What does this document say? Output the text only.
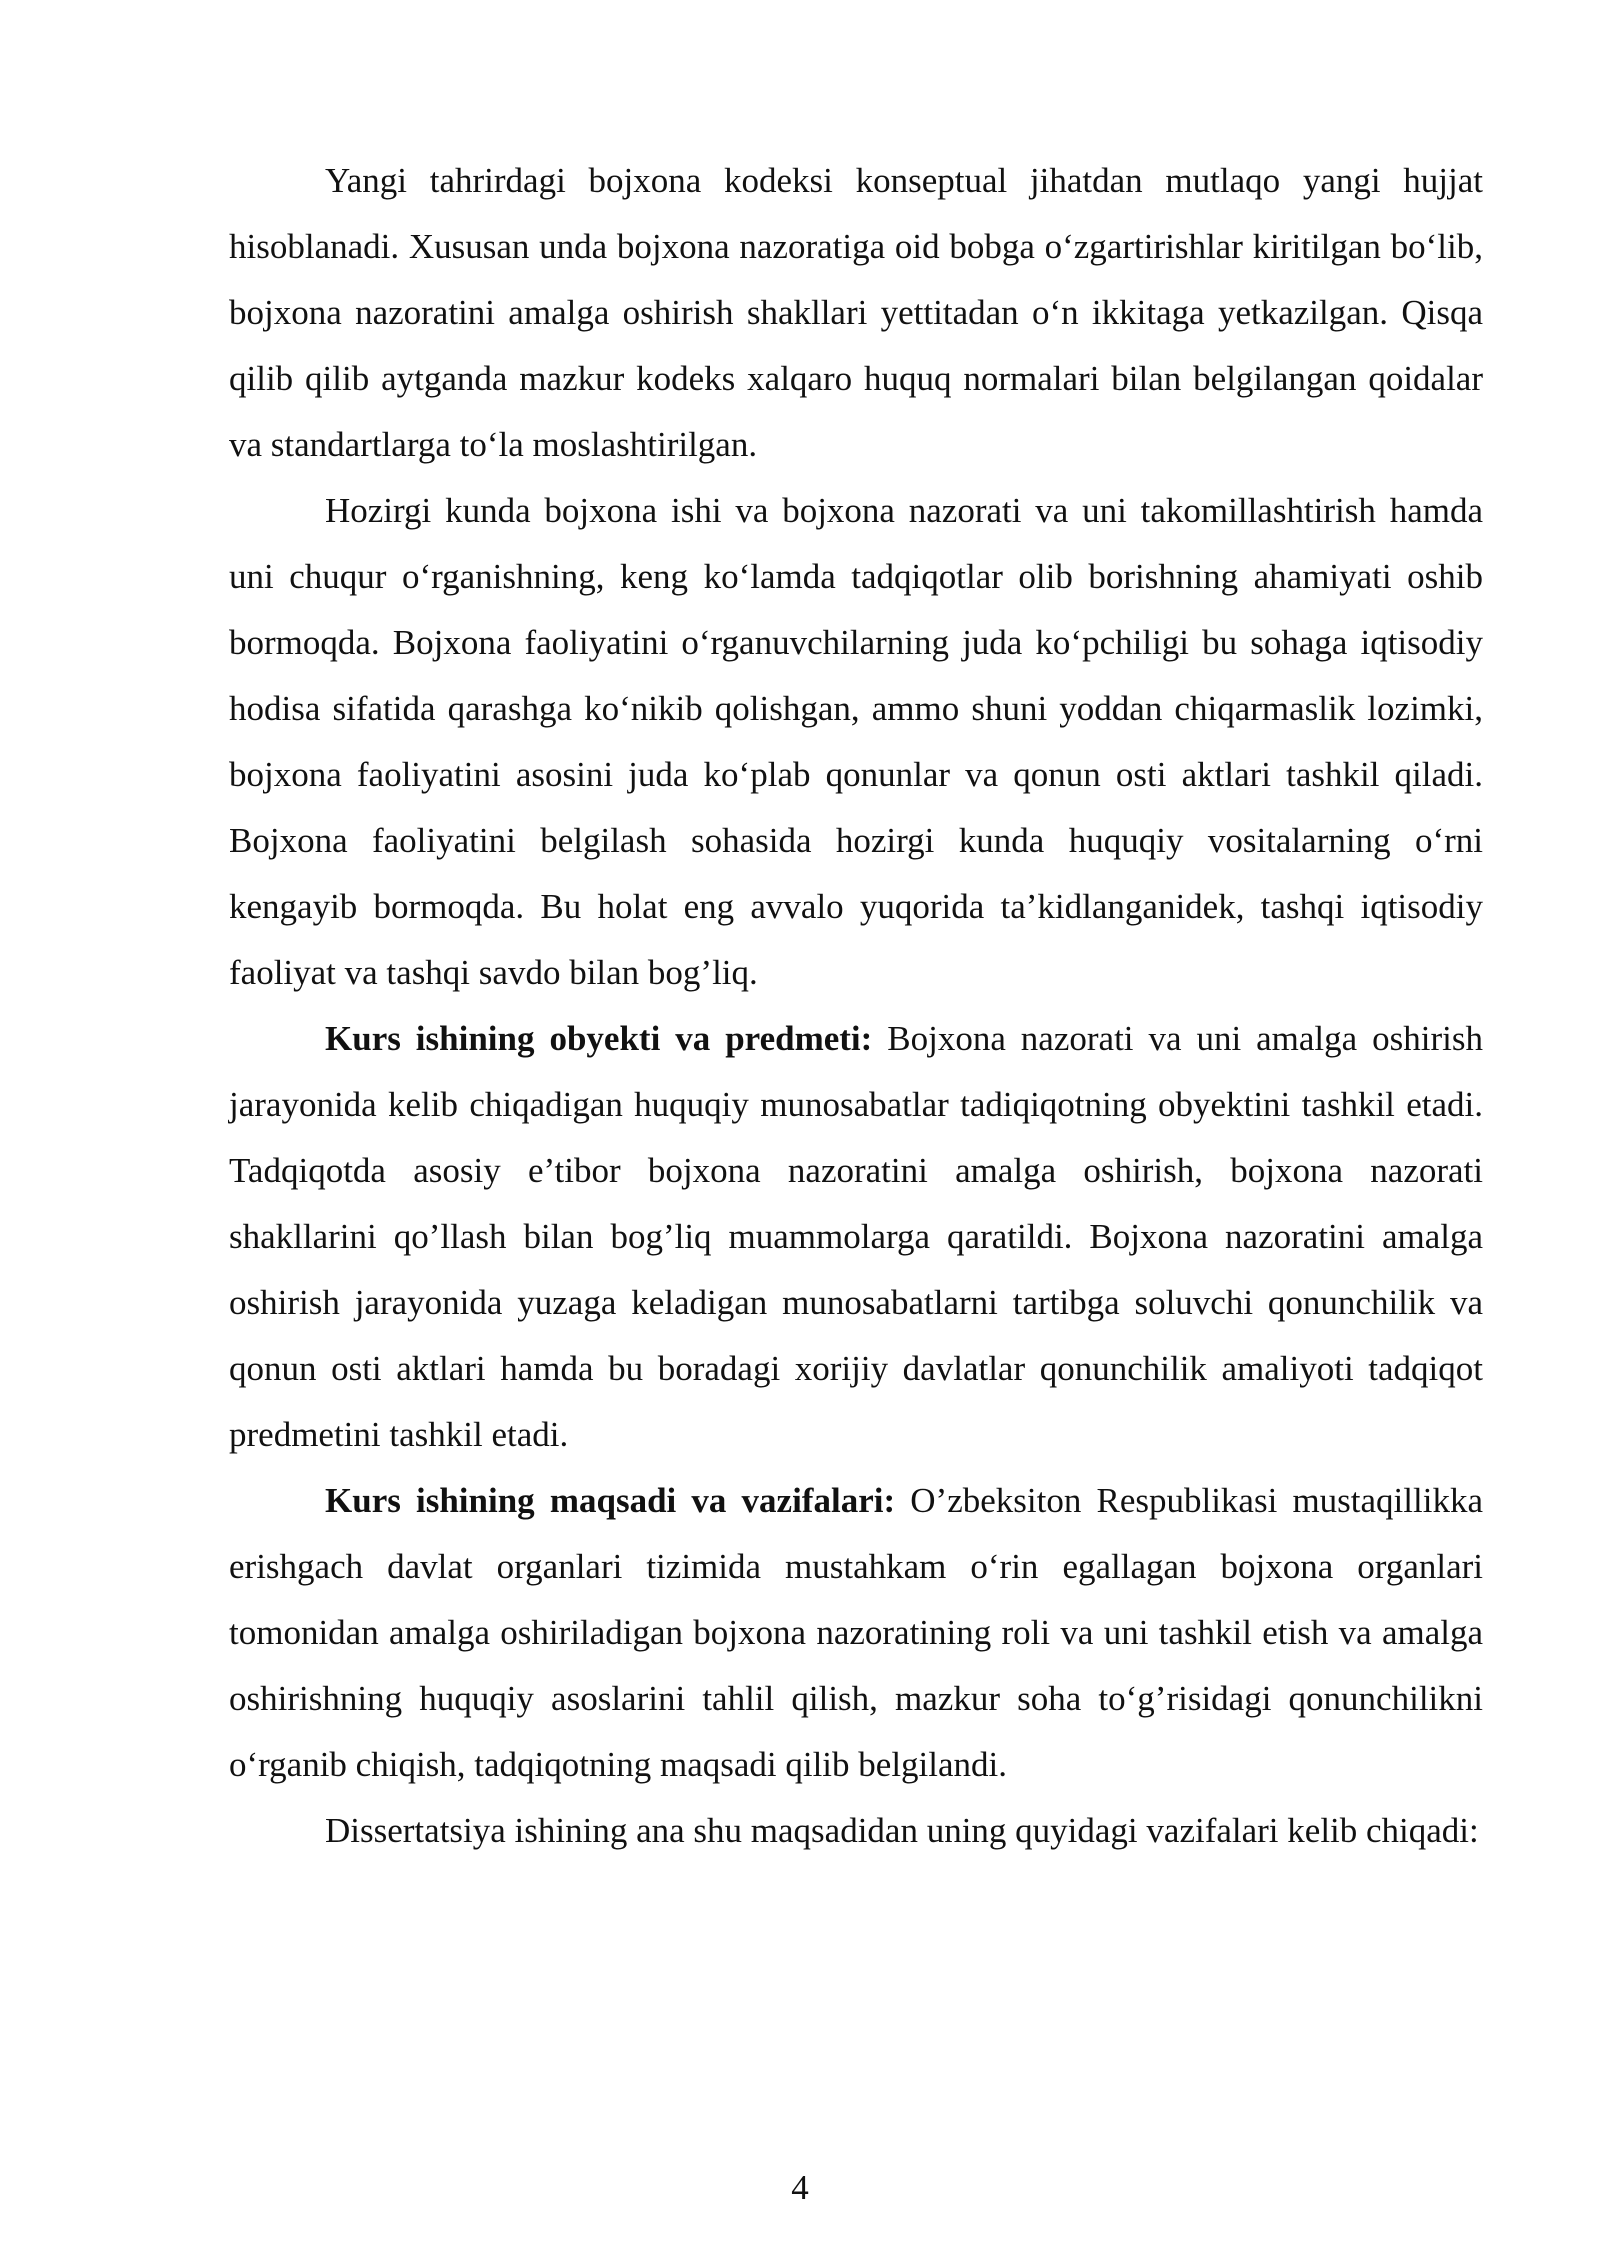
Yangi tahrirdagi bojxona kodeksi konseptual jihatdan mutlaqo yangi hujjat hisoblanadi. Xususan unda bojxona nazoratiga oid bobga o‘zgartirishlar kiritilgan bo‘lib, bojxona nazoratini amalga oshirish shakllari yettitadan o‘n ikkitaga yetkazilgan. Qisqa qilib qilib aytganda mazkur kodeks xalqaro huquq normalari bilan belgilangan qoidalar va standartlarga to‘la moslashtirilgan.

Hozirgi kunda bojxona ishi va bojxona nazorati va uni takomillashtirish hamda uni chuqur o‘rganishning, keng ko‘lamda tadqiqotlar olib borishning ahamiyati oshib bormoqda. Bojxona faoliyatini o‘rganuvchilarning juda ko‘pchiligi bu sohaga iqtisodiy hodisa sifatida qarashga ko‘nikib qolishgan, ammo shuni yoddan chiqarmaslik lozimki, bojxona faoliyatini asosini juda ko‘plab qonunlar va qonun osti aktlari tashkil qiladi. Bojxona faoliyatini belgilash sohasida hozirgi kunda huquqiy vositalarning o‘rni kengayib bormoqda. Bu holat eng avvalo yuqorida ta’kidlanganidek, tashqi iqtisodiy faoliyat va tashqi savdo bilan bog’liq.

Kurs ishining obyekti va predmeti: Bojxona nazorati va uni amalga oshirish jarayonida kelib chiqadigan huquqiy munosabatlar tadiqiqotning obyektini tashkil etadi. Tadqiqotda asosiy e’tibor bojxona nazoratini amalga oshirish, bojxona nazorati shakllarini qo’llash bilan bog’liq muammolarga qaratildi. Bojxona nazoratini amalga oshirish jarayonida yuzaga keladigan munosabatlarni tartibga soluvchi qonunchilik va qonun osti aktlari hamda bu boradagi xorijiy davlatlar qonunchilik amaliyoti tadqiqot predmetini tashkil etadi.

Kurs ishining maqsadi va vazifalari: O’zbeksiton Respublikasi mustaqillikka erishgach davlat organlari tizimida mustahkam o‘rin egallagan bojxona organlari tomonidan amalga oshiriladigan bojxona nazoratining roli va uni tashkil etish va amalga oshirishning huquqiy asoslarini tahlil qilish, mazkur soha to‘g’risidagi qonunchilikni o‘rganib chiqish, tadqiqotning maqsadi qilib belgilandi.

Dissertatsiya ishining ana shu maqsadidan uning quyidagi vazifalari kelib chiqadi:

4
